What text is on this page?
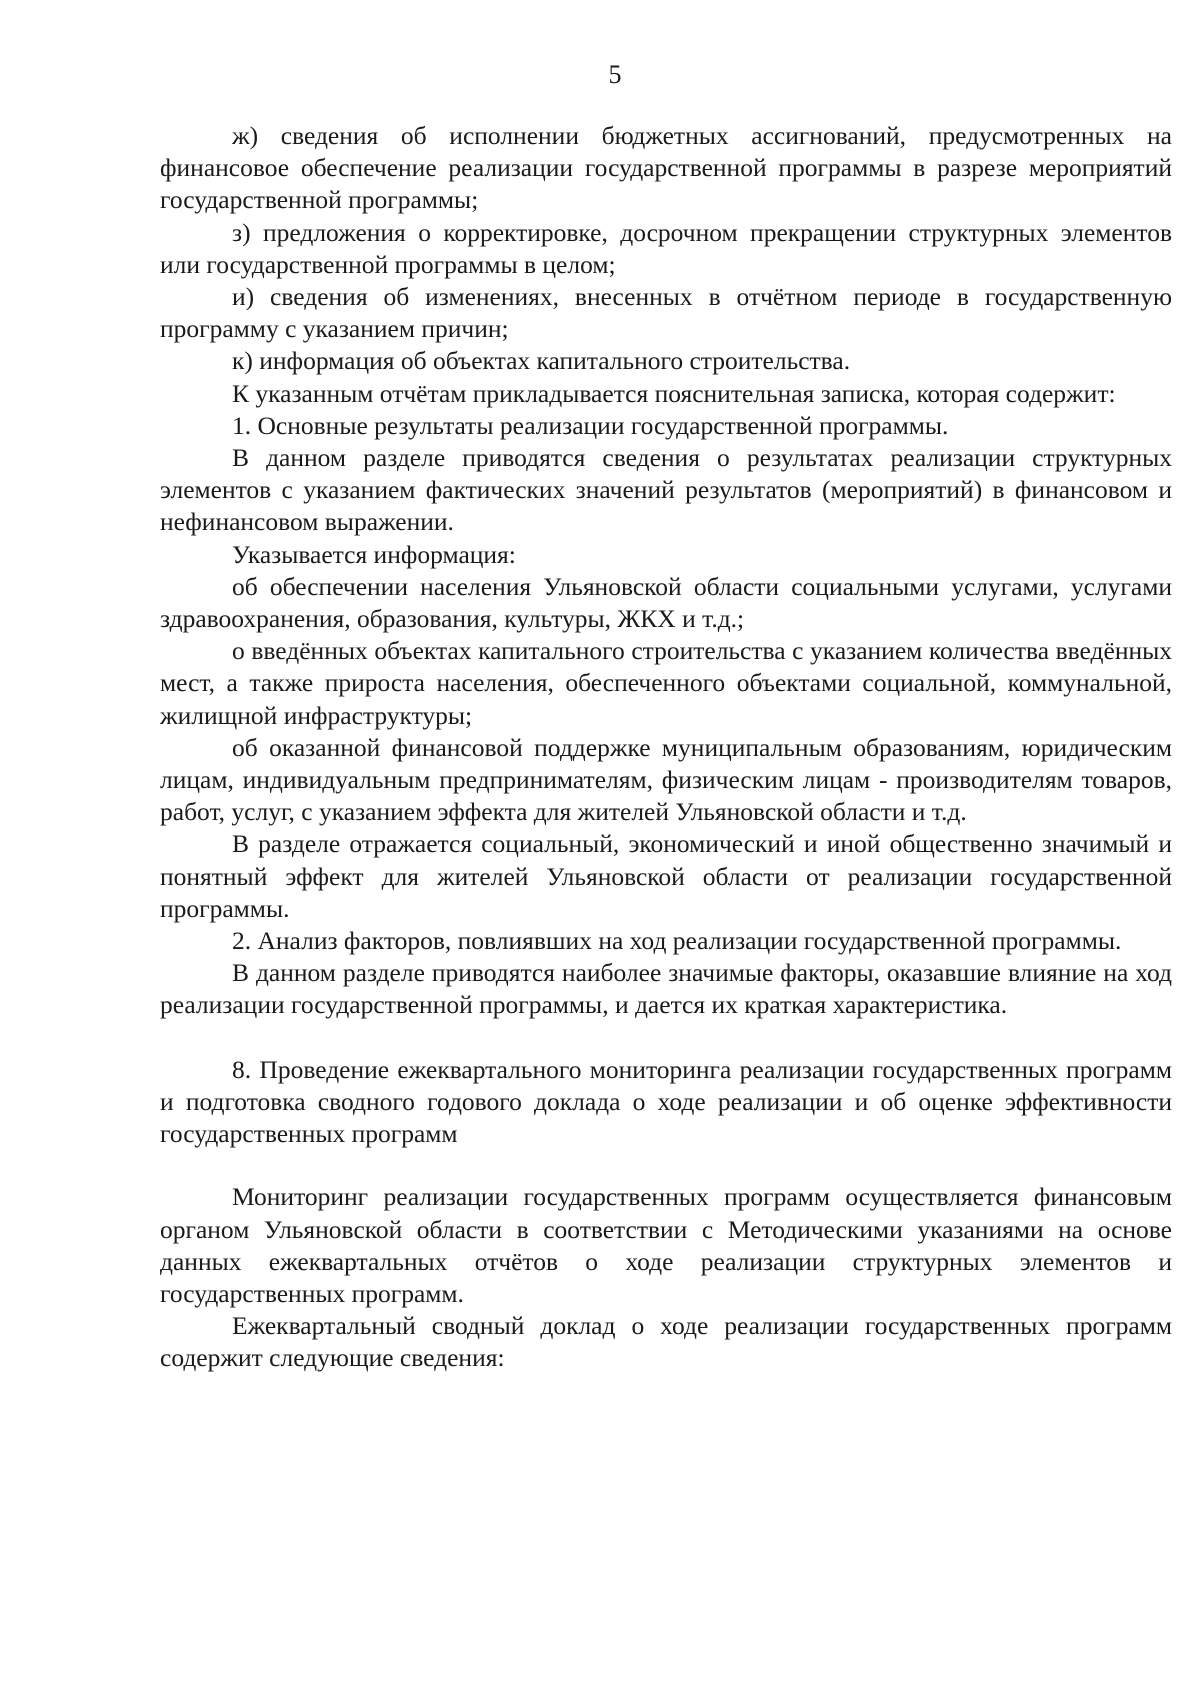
5

ж) сведения об исполнении бюджетных ассигнований, предусмотренных на финансовое обеспечение реализации государственной программы в разрезе мероприятий государственной программы;

з) предложения о корректировке, досрочном прекращении структурных элементов или государственной программы в целом;

и) сведения об изменениях, внесенных в отчётном периоде в государственную программу с указанием причин;

к) информация об объектах капитального строительства.

К указанным отчётам прикладывается пояснительная записка, которая содержит:

1. Основные результаты реализации государственной программы.

В данном разделе приводятся сведения о результатах реализации структурных элементов с указанием фактических значений результатов (мероприятий) в финансовом и нефинансовом выражении.

Указывается информация:

об обеспечении населения Ульяновской области социальными услугами, услугами здравоохранения, образования, культуры, ЖКХ и т.д.;

о введённых объектах капитального строительства с указанием количества введённых мест, а также прироста населения, обеспеченного объектами социальной, коммунальной, жилищной инфраструктуры;

об оказанной финансовой поддержке муниципальным образованиям, юридическим лицам, индивидуальным предпринимателям, физическим лицам - производителям товаров, работ, услуг, с указанием эффекта для жителей Ульяновской области и т.д.

В разделе отражается социальный, экономический и иной общественно значимый и понятный эффект для жителей Ульяновской области от реализации государственной программы.

2. Анализ факторов, повлиявших на ход реализации государственной программы.

В данном разделе приводятся наиболее значимые факторы, оказавшие влияние на ход реализации государственной программы, и дается их краткая характеристика.

8. Проведение ежеквартального мониторинга реализации государственных программ и подготовка сводного годового доклада о ходе реализации и об оценке эффективности государственных программ

Мониторинг реализации государственных программ осуществляется финансовым органом Ульяновской области в соответствии с Методическими указаниями на основе данных ежеквартальных отчётов о ходе реализации структурных элементов и государственных программ.

Ежеквартальный сводный доклад о ходе реализации государственных программ содержит следующие сведения:
